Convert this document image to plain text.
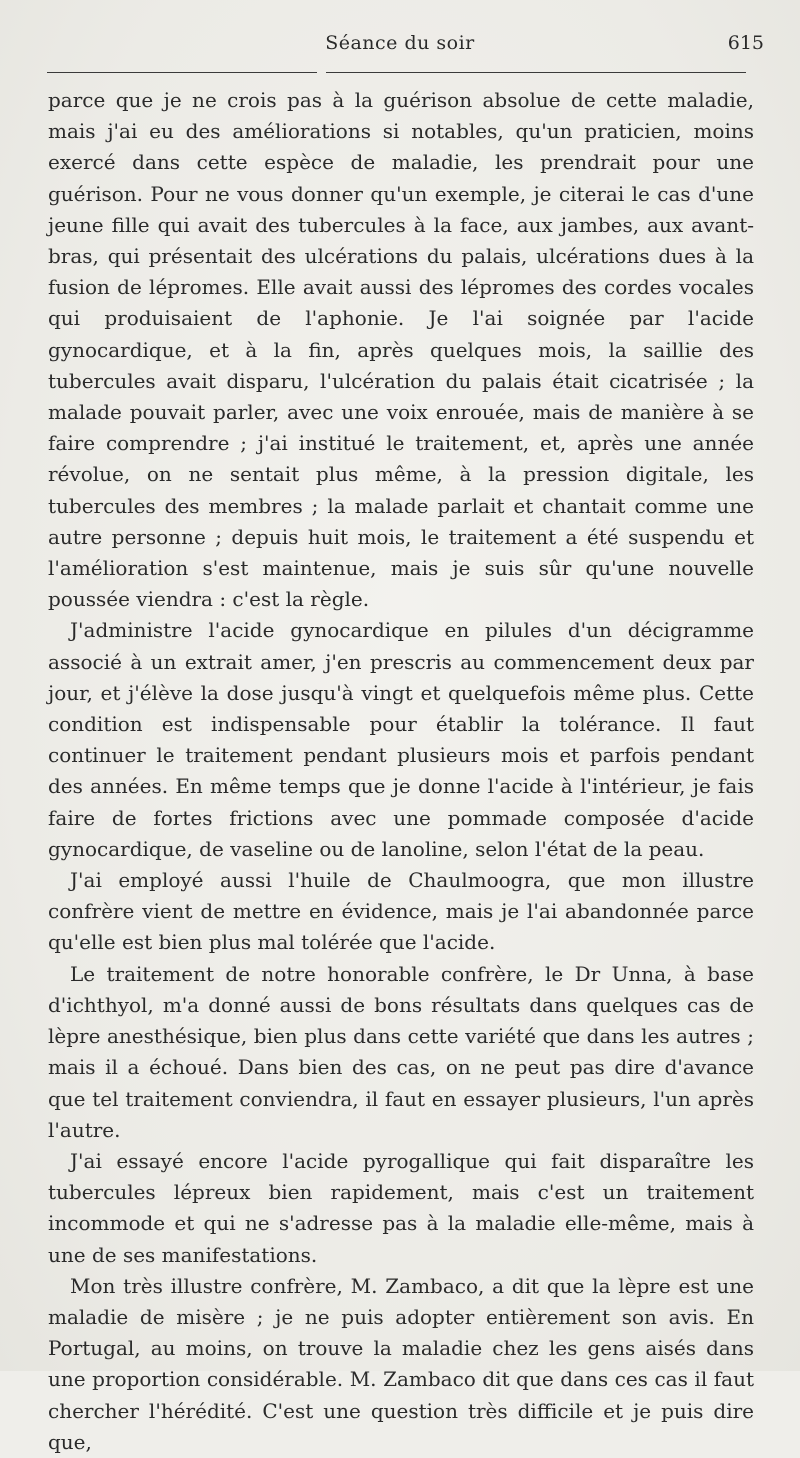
Séance du soir	615

parce que je ne crois pas à la guérison absolue de cette maladie, mais j'ai eu des améliorations si notables, qu'un praticien, moins exercé dans cette espèce de maladie, les prendrait pour une guérison. Pour ne vous donner qu'un exemple, je citerai le cas d'une jeune fille qui avait des tubercules à la face, aux jambes, aux avant-bras, qui présentait des ulcérations du palais, ulcérations dues à la fusion de lépromes. Elle avait aussi des lépromes des cordes vocales qui produisaient de l'aphonie. Je l'ai soignée par l'acide gynocardique, et à la fin, après quelques mois, la saillie des tubercules avait disparu, l'ulcération du palais était cicatrisée ; la malade pouvait parler, avec une voix enrouée, mais de manière à se faire comprendre ; j'ai institué le traitement, et, après une année révolue, on ne sentait plus même, à la pression digitale, les tubercules des membres ; la malade parlait et chantait comme une autre personne ; depuis huit mois, le traitement a été suspendu et l'amélioration s'est maintenue, mais je suis sûr qu'une nouvelle poussée viendra : c'est la règle.

J'administre l'acide gynocardique en pilules d'un décigramme associé à un extrait amer, j'en prescris au commencement deux par jour, et j'élève la dose jusqu'à vingt et quelquefois même plus. Cette condition est indispensable pour établir la tolérance. Il faut continuer le traitement pendant plusieurs mois et parfois pendant des années. En même temps que je donne l'acide à l'intérieur, je fais faire de fortes frictions avec une pommade composée d'acide gynocardique, de vaseline ou de lanoline, selon l'état de la peau.

J'ai employé aussi l'huile de Chaulmoogra, que mon illustre confrère vient de mettre en évidence, mais je l'ai abandonnée parce qu'elle est bien plus mal tolérée que l'acide.

Le traitement de notre honorable confrère, le Dr Unna, à base d'ichthyol, m'a donné aussi de bons résultats dans quelques cas de lèpre anesthésique, bien plus dans cette variété que dans les autres ; mais il a échoué. Dans bien des cas, on ne peut pas dire d'avance que tel traitement conviendra, il faut en essayer plusieurs, l'un après l'autre.

J'ai essayé encore l'acide pyrogallique qui fait disparaître les tubercules lépreux bien rapidement, mais c'est un traitement incommode et qui ne s'adresse pas à la maladie elle-même, mais à une de ses manifestations.

Mon très illustre confrère, M. Zambaco, a dit que la lèpre est une maladie de misère ; je ne puis adopter entièrement son avis. En Portugal, au moins, on trouve la maladie chez les gens aisés dans une proportion considérable. M. Zambaco dit que dans ces cas il faut chercher l'hérédité. C'est une question très difficile et je puis dire que,
